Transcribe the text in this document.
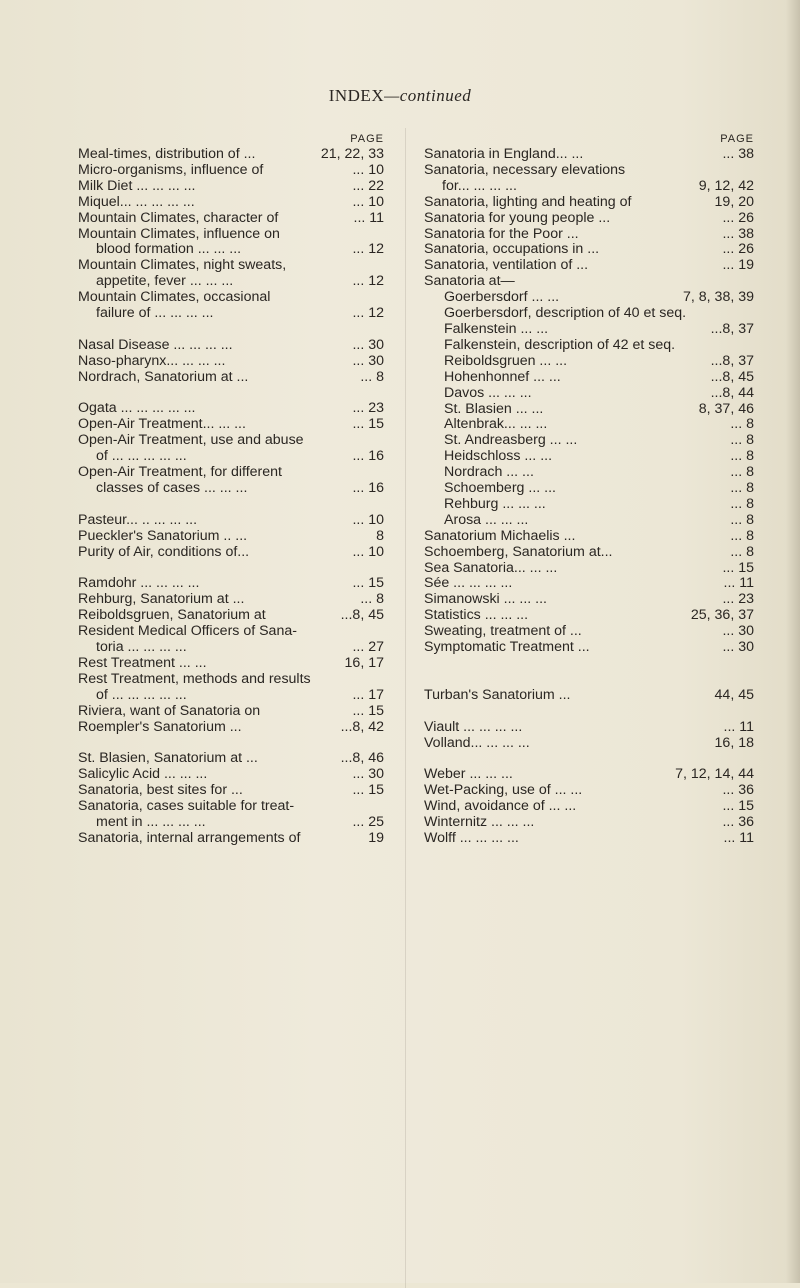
INDEX—continued
PAGE
Meal-times, distribution of ...	21, 22, 33
Micro-organisms, influence of	... 10
Milk Diet ... ... ... ...	... 22
Miquel... ... ... ... ...	... 10
Mountain Climates, character of	... 11
Mountain Climates, influence on
blood formation ... ... ...	... 12
Mountain Climates, night sweats,
appetite, fever ... ... ...	... 12
Mountain Climates, occasional
failure of ... ... ... ...	... 12
Nasal Disease ... ... ... ...	... 30
Naso-pharynx... ... ... ...	... 30
Nordrach, Sanatorium at ...	... 8
Ogata ... ... ... ... ...	... 23
Open-Air Treatment... ... ...	... 15
Open-Air Treatment, use and abuse
of ... ... ... ... ...	... 16
Open-Air Treatment, for different
classes of cases ... ... ...	... 16
Pasteur... .. ... ... ...	... 10
Pueckler's Sanatorium .. ...	8
Purity of Air, conditions of...	... 10
Ramdohr ... ... ... ...	... 15
Rehburg, Sanatorium at ...	... 8
Reiboldsgruen, Sanatorium at	...8, 45
Resident Medical Officers of Sana-
toria ... ... ... ...	... 27
Rest Treatment ... ...	16, 17
Rest Treatment, methods and results
of ... ... ... ... ...	... 17
Riviera, want of Sanatoria on	... 15
Roempler's Sanatorium ...	...8, 42
St. Blasien, Sanatorium at ...	...8, 46
Salicylic Acid ... ... ...	... 30
Sanatoria, best sites for ...	... 15
Sanatoria, cases suitable for treat-
ment in ... ... ... ...	... 25
Sanatoria, internal arrangements of	19
PAGE
Sanatoria in England... ...	... 38
Sanatoria, necessary elevations
for... ... ... ...	9, 12, 42
Sanatoria, lighting and heating of	19, 20
Sanatoria for young people ...	... 26
Sanatoria for the Poor ...	... 38
Sanatoria, occupations in ...	... 26
Sanatoria, ventilation of ...	... 19
Sanatoria at—
Goerbersdorf ... ...	7, 8, 38, 39
Goerbersdorf, description of 40 et seq.
Falkenstein ... ...	...8, 37
Falkenstein, description of 42 et seq.
Reiboldsgruen ... ...	...8, 37
Hohenhonnef ... ...	...8, 45
Davos ... ... ...	...8, 44
St. Blasien ... ...	8, 37, 46
Altenbrak... ... ...	... 8
St. Andreasberg ... ...	... 8
Heidschloss ... ...	... 8
Nordrach ... ...	... 8
Schoemberg ... ...	... 8
Rehburg ... ... ...	... 8
Arosa ... ... ...	... 8
Sanatorium Michaelis ...	... 8
Schoemberg, Sanatorium at...	... 8
Sea Sanatoria... ... ...	... 15
Sée ... ... ... ...	... 11
Simanowski ... ... ...	... 23
Statistics ... ... ...	25, 36, 37
Sweating, treatment of ...	... 30
Symptomatic Treatment ...	... 30
Turban's Sanatorium ...	44, 45
Viault ... ... ... ...	... 11
Volland... ... ... ...	16, 18
Weber ... ... ...	7, 12, 14, 44
Wet-Packing, use of ... ...	... 36
Wind, avoidance of ... ...	... 15
Winternitz ... ... ...	... 36
Wolff ... ... ... ...	... 11
